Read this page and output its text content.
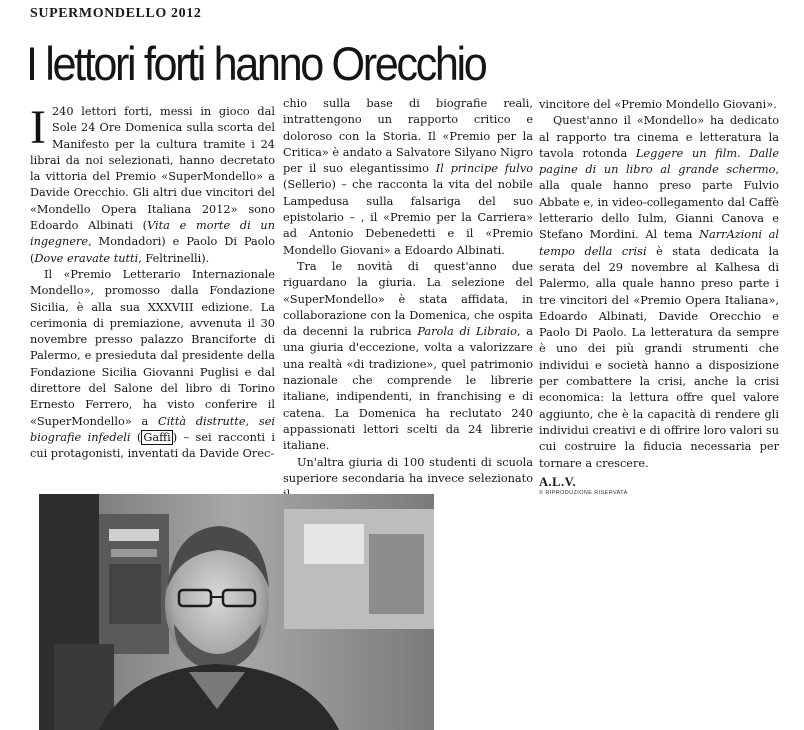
SUPERMONDELLO 2012
I lettori forti hanno Orecchio

I 240 lettori forti, messi in gioco dal Sole 24 Ore Domenica sulla scorta del Manifesto per la cultura tramite i 24 librai da noi selezionati, hanno decretato la vittoria del Premio «SuperMondello» a Davide Orecchio. Gli altri due vincitori del «Mondello Opera Italiana 2012» sono Edoardo Albinati (Vita e morte di un ingegnere, Mondadori) e Paolo Di Paolo (Dove eravate tutti, Feltrinelli).

Il «Premio Letterario Internazionale Mondello», promosso dalla Fondazione Sicilia, è alla sua XXXVIII edizione. La cerimonia di premiazione, avvenuta il 30 novembre presso palazzo Branciforte di Palermo, e presieduta dal presidente della Fondazione Sicilia Giovanni Puglisi e dal direttore del Salone del libro di Torino Ernesto Ferrero, ha visto conferire il «SuperMondello» a Città distrutte, sei biografie infedeli ( Gaffi ) – sei racconti i cui protagonisti, inventati da Davide Orec-

chio sulla base di biografie reali, intrattengono un rapporto critico e doloroso con la Storia. Il «Premio per la Critica» è andato a Salvatore Silyano Nigro per il suo elegantissimo Il principe fulvo (Sellerio) – che racconta la vita del nobile Lampedusa sulla falsariga del suo epistolario – , il «Premio per la Carriera» ad Antonio Debenedetti e il «Premio Mondello Giovani» a Edoardo Albinati.

Tra le novità di quest'anno due riguardano la giuria. La selezione del «SuperMondello» è stata affidata, in collaborazione con la Domenica, che ospita da decenni la rubrica Parola di Libraio, a una giuria d'eccezione, volta a valorizzare una realtà «di tradizione», quel patrimonio nazionale che comprende le librerie italiane, indipendenti, in franchising e di catena. La Domenica ha reclutato 240 appassionati lettori scelti da 24 librerie italiane.

Un'altra giuria di 100 studenti di scuola superiore secondaria ha invece selezionato

vincitore del «Premio Mondello Giovani».

Quest'anno il «Mondello» ha dedicato al rapporto tra cinema e letteratura la tavola rotonda Leggere un film. Dalle pagine di un libro al grande schermo, alla quale hanno preso parte Fulvio Abbate e, in video-collegamento dal Caffè letterario dello Iulm, Gianni Canova e Stefano Mordini. Al tema NarrAzioni al tempo della crisi è stata dedicata la serata del 29 novembre al Kalhesa di Palermo, alla quale hanno preso parte i tre vincitori del «Premio Opera Italiana», Edoardo Albinati, Davide Orecchio e Paolo Di Paolo. La letteratura da sempre è uno dei più grandi strumenti che individui e società hanno a disposizione per combattere la crisi, anche la crisi economica: la lettura offre quel valore aggiunto, che è la capacità di rendere gli individui creativi e di offrire loro valori su cui costruire la fiducia necessaria per tornare a crescere.

A.L.V.
© RIPRODUZIONE RISERVATA
